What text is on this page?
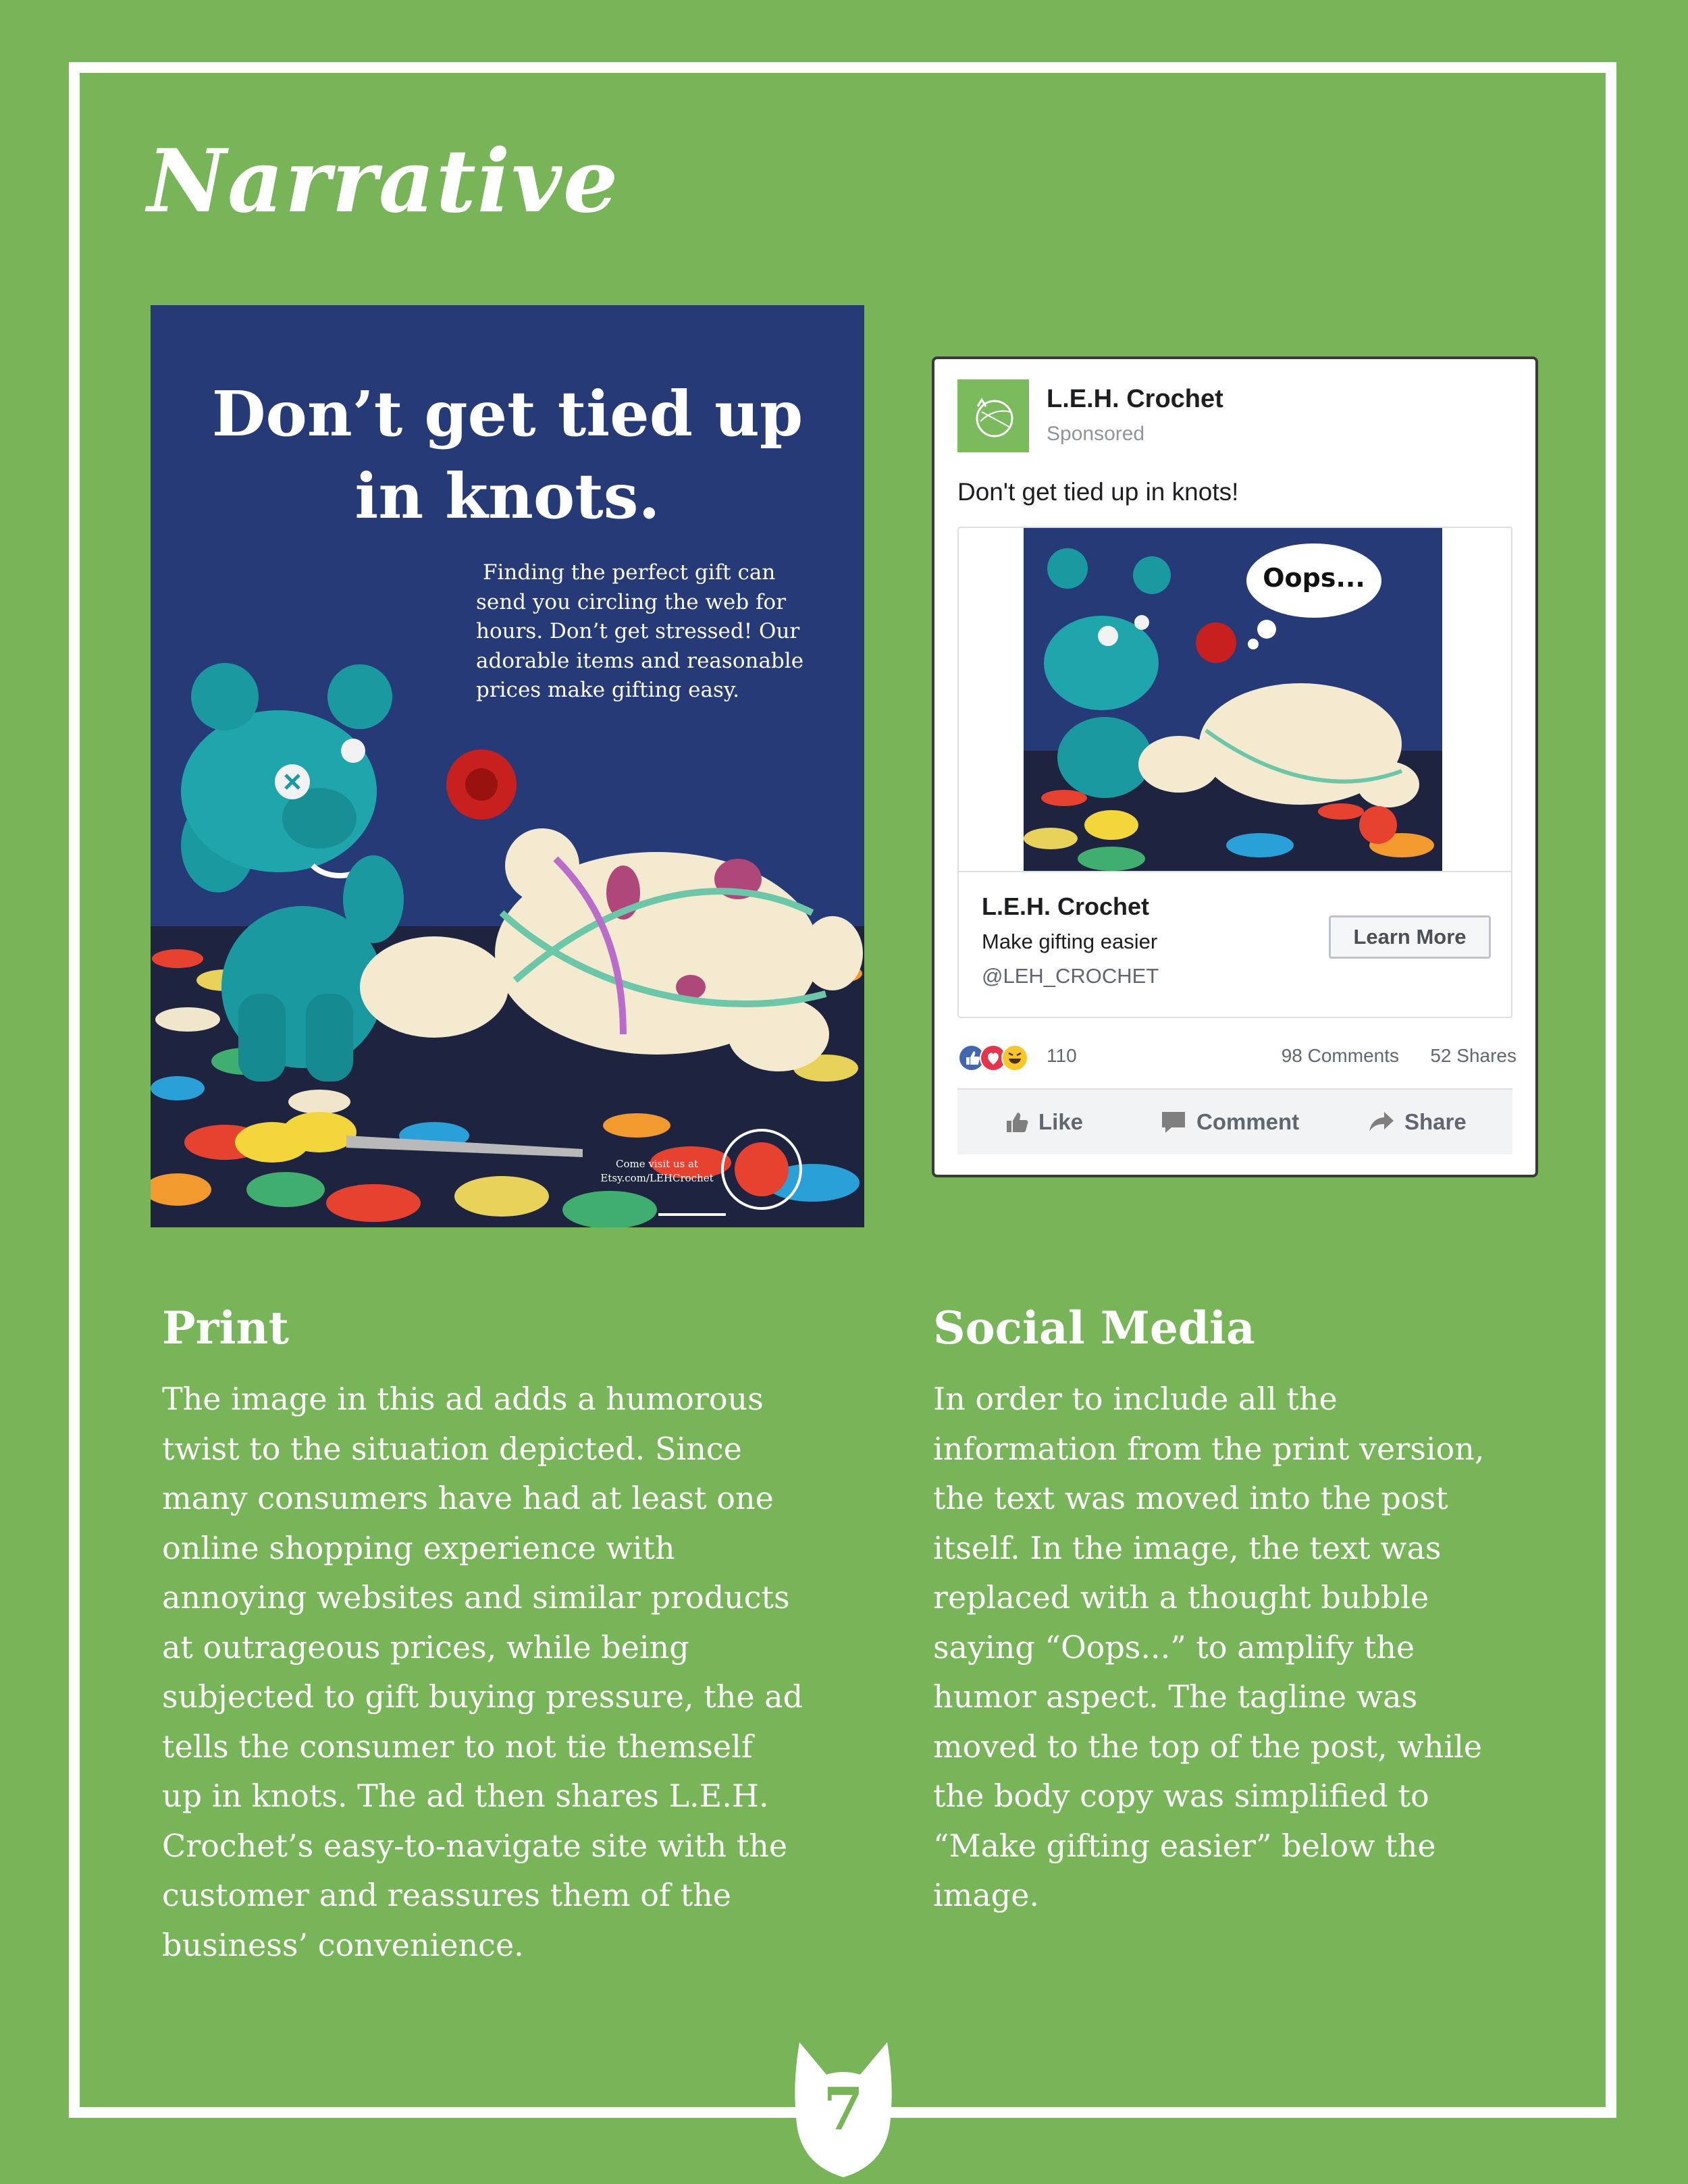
Narrative
Don’t get tied up
in knots.
Finding the perfect gift can
send you circling the web for
hours. Don’t get stressed! Our
adorable items and reasonable
prices make gifting easy.
Come visit us at
Etsy.com/LEHCrochet
L.E.H. Crochet
Sponsored
Don't get tied up in knots!
Oops...
L.E.H. Crochet
Make gifting easier
@LEH_CROCHET
Learn More
110	98 Comments	52 Shares
Like	Comment	Share
Print
The image in this ad adds a humorous
twist to the situation depicted. Since
many consumers have had at least one
online shopping experience with
annoying websites and similar products
at outrageous prices, while being
subjected to gift buying pressure, the ad
tells the consumer to not tie themself
up in knots. The ad then shares L.E.H.
Crochet’s easy-to-navigate site with the
customer and reassures them of the
business’ convenience.
Social Media
In order to include all the
information from the print version,
the text was moved into the post
itself. In the image, the text was
replaced with a thought bubble
saying “Oops...” to amplify the
humor aspect. The tagline was
moved to the top of the post, while
the body copy was simplified to
“Make gifting easier” below the
image.
7
